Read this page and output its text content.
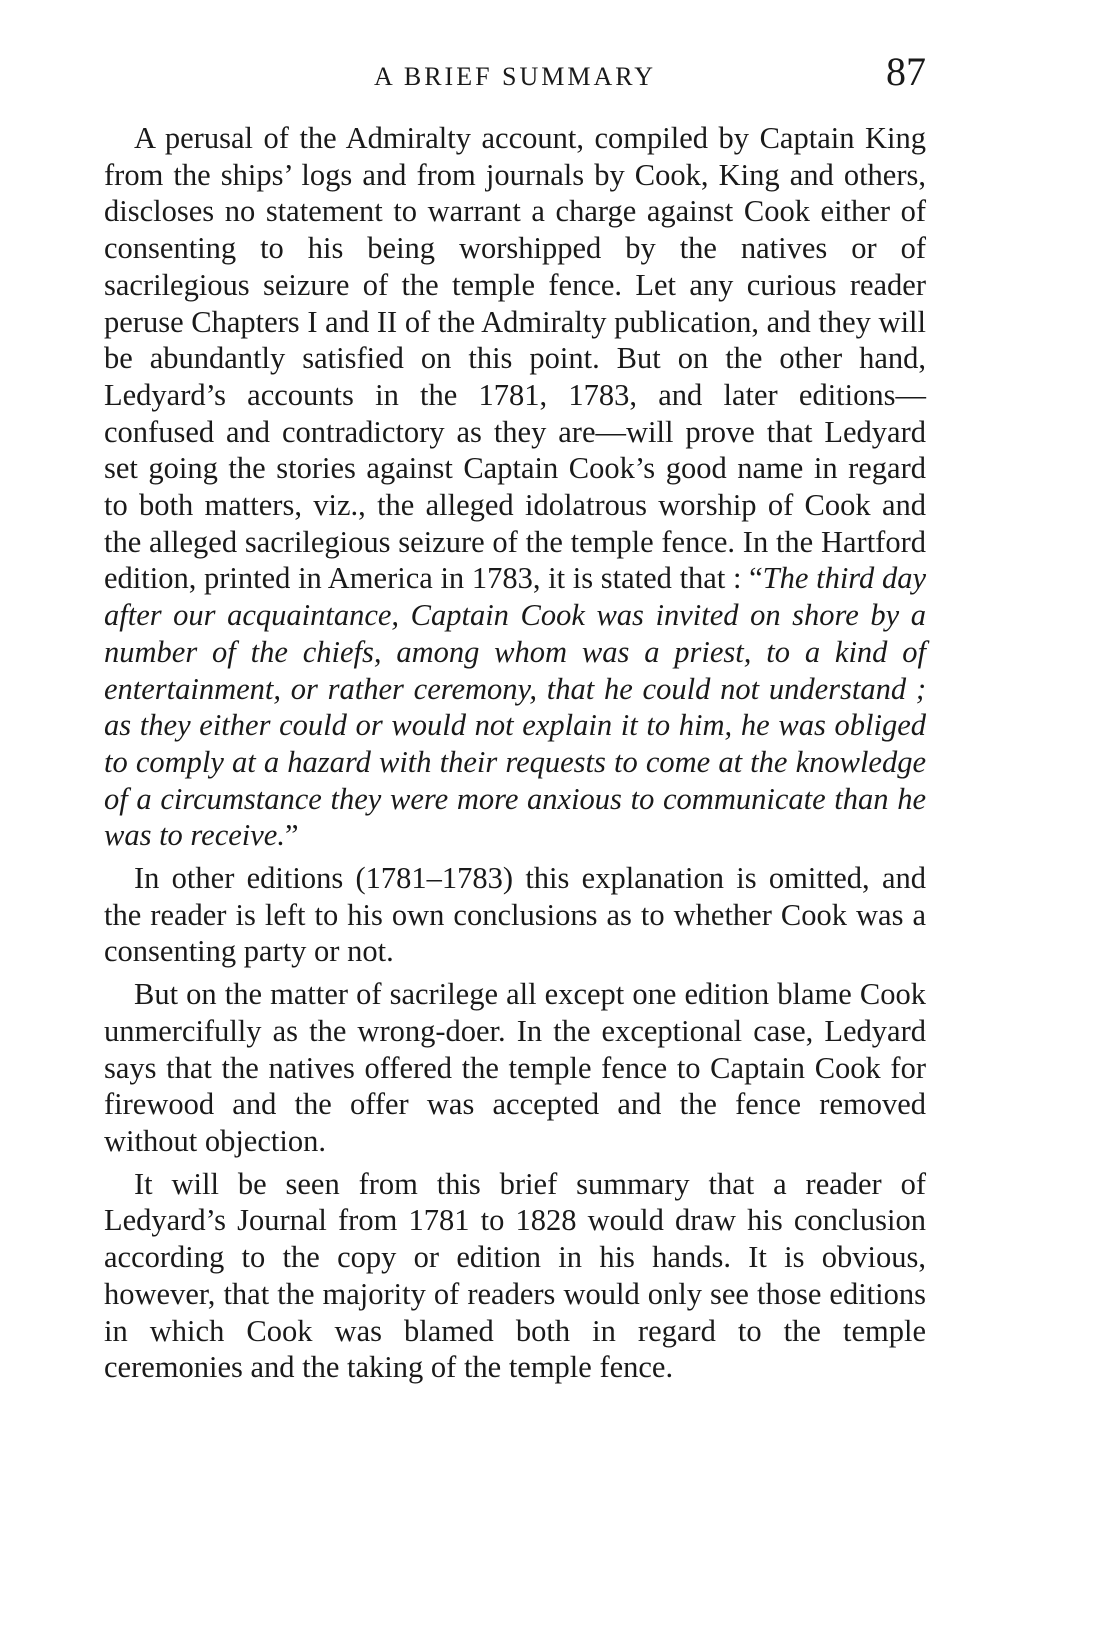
A BRIEF SUMMARY	87

A perusal of the Admiralty account, compiled by Captain King from the ships’ logs and from journals by Cook, King and others, discloses no statement to warrant a charge against Cook either of consenting to his being worshipped by the natives or of sacrilegious seizure of the temple fence. Let any curious reader peruse Chapters I and II of the Admiralty publication, and they will be abundantly satisfied on this point. But on the other hand, Ledyard’s accounts in the 1781, 1783, and later editions—confused and contradictory as they are—will prove that Ledyard set going the stories against Captain Cook’s good name in regard to both matters, viz., the alleged idolatrous worship of Cook and the alleged sacrilegious seizure of the temple fence. In the Hartford edition, printed in America in 1783, it is stated that : “The third day after our acquaintance, Captain Cook was invited on shore by a number of the chiefs, among whom was a priest, to a kind of entertainment, or rather ceremony, that he could not understand ; as they either could or would not explain it to him, he was obliged to comply at a hazard with their requests to come at the knowledge of a circumstance they were more anxious to communicate than he was to receive.”

In other editions (1781–1783) this explanation is omitted, and the reader is left to his own conclusions as to whether Cook was a consenting party or not.

But on the matter of sacrilege all except one edition blame Cook unmercifully as the wrong-doer. In the exceptional case, Ledyard says that the natives offered the temple fence to Captain Cook for firewood and the offer was accepted and the fence removed without objection.

It will be seen from this brief summary that a reader of Ledyard’s Journal from 1781 to 1828 would draw his conclusion according to the copy or edition in his hands. It is obvious, however, that the majority of readers would only see those editions in which Cook was blamed both in regard to the temple ceremonies and the taking of the temple fence.
